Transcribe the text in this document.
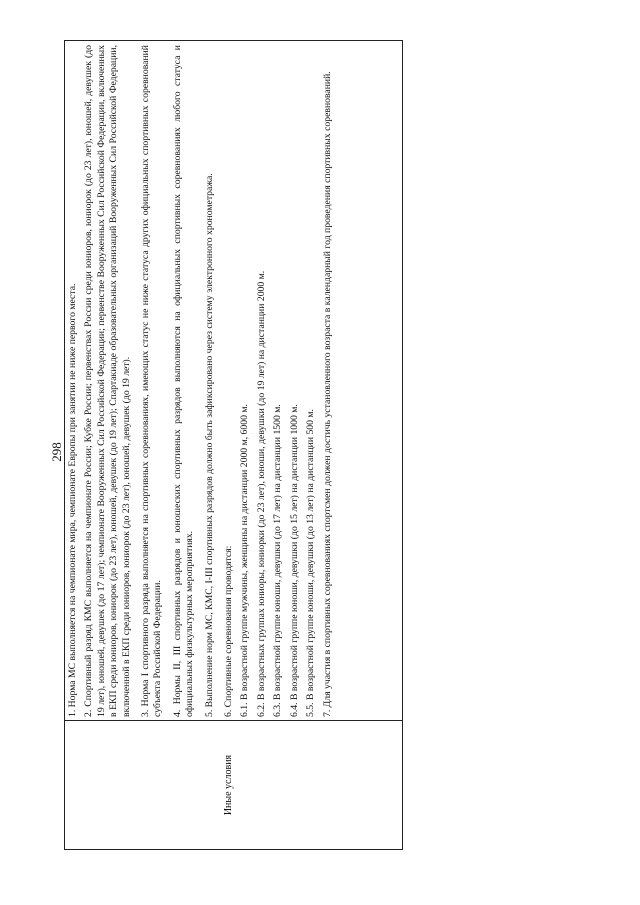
298
Иные условия

1. Норма МС выполняется на чемпионате мира, чемпионате Европы при занятии не ниже первого места. 2. Спортивный разряд КМС выполняется на чемпионате России; Кубке России; первенствах России среди юниоров, юниорок (до 23 лет), юношей, девушек (до 19 лет), юношей, девушек (до 17 лет); чемпионате Вооруженных Сил Российской Федерации; первенстве Вооруженных Сил Российской Федерации, включенных в ЕКП среди юниоров, юниорок (до 23 лет), юношей, девушек (до 19 лет); Спартакиаде образовательных организаций Вооруженных Сил Российской Федерации, включенной в ЕКП среди юниоров, юниорок (до 23 лет), юношей, девушек (до 19 лет). 3. Норма I спортивного разряда выполняется на спортивных соревнованиях, имеющих статус не ниже статуса других официальных спортивных соревнований субъекта Российской Федерации. 4. Нормы II, III спортивных разрядов и юношеских спортивных разрядов выполняются на официальных спортивных соревнованиях любого статуса и официальных физкультурных мероприятиях. 5. Выполнение норм МС, КМС, I-III спортивных разрядов должно быть зафиксировано через систему электронного хронометража. 6. Спортивные соревнования проводятся: 6.1. В возрастной группе мужчины, женщины на дистанции 2000 м, 6000 м. 6.2. В возрастных группах юниоры, юниорки (до 23 лет), юноши, девушки (до 19 лет) на дистанции 2000 м. 6.3. В возрастной группе юноши, девушки (до 17 лет) на дистанции 1500 м. 6.4. В возрастной группе юноши, девушки (до 15 лет) на дистанции 1000 м. 5.5. В возрастной группе юноши, девушки (до 13 лет) на дистанции 500 м. 7. Для участия в спортивных соревнованиях спортсмен должен достичь установленного возраста в календарный год проведения спортивных соревнований.
